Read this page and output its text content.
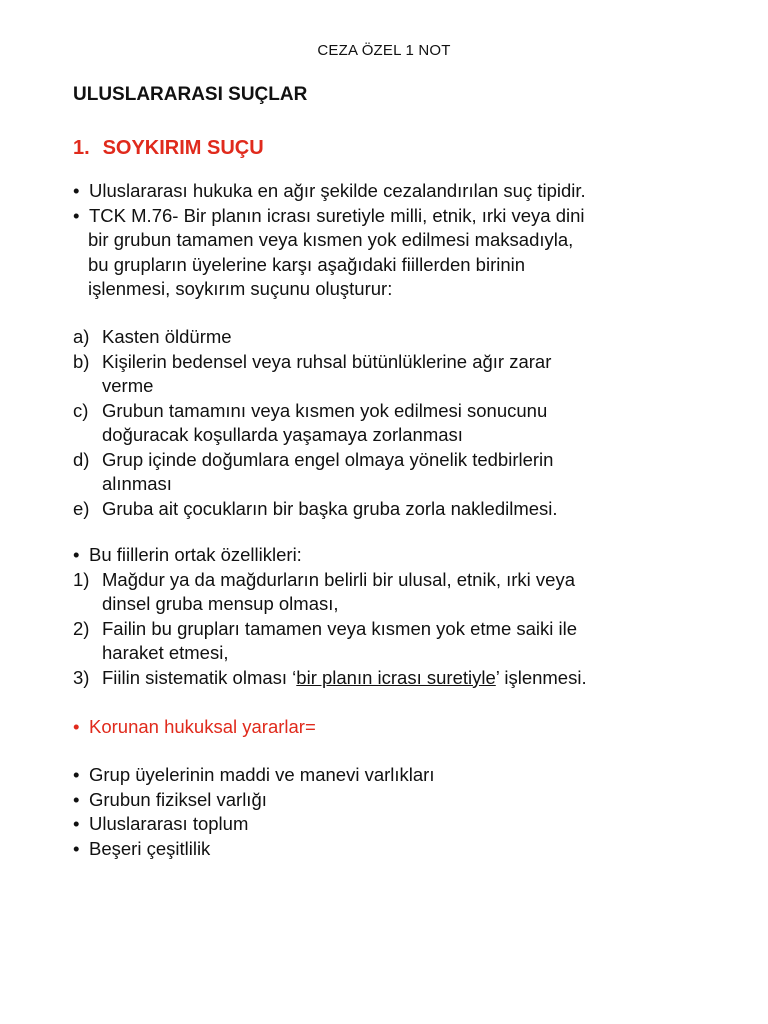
CEZA ÖZEL 1 NOT
ULUSLARARASI SUÇLAR
1. SOYKIRIM SUÇU
• Uluslararası hukuka en ağır şekilde cezalandırılan suç tipidir.
• TCK M.76- Bir planın icrası suretiyle milli, etnik, ırki veya dini
bir grubun tamamen veya kısmen yok edilmesi maksadıyla,
bu grupların üyelerine karşı aşağıdaki fiillerden birinin
işlenmesi, soykırım suçunu oluşturur:
a) Kasten öldürme
b) Kişilerin bedensel veya ruhsal bütünlüklerine ağır zarar
verme
c) Grubun tamamını veya kısmen yok edilmesi sonucunu
doğuracak koşullarda yaşamaya zorlanması
d) Grup içinde doğumlara engel olmaya yönelik tedbirlerin
alınması
e) Gruba ait çocukların bir başka gruba zorla nakledilmesi.
• Bu fiillerin ortak özellikleri:
1) Mağdur ya da mağdurların belirli bir ulusal, etnik, ırki veya
dinsel gruba mensup olması,
2) Failin bu grupları tamamen veya kısmen yok etme saiki ile
haraket etmesi,
3) Fiilin sistematik olması ‘bir planın icrası suretiyle’ işlenmesi.
• Korunan hukuksal yararlar=
• Grup üyelerinin maddi ve manevi varlıkları
• Grubun fiziksel varlığı
• Uluslararası toplum
• Beşeri çeşitlilik
